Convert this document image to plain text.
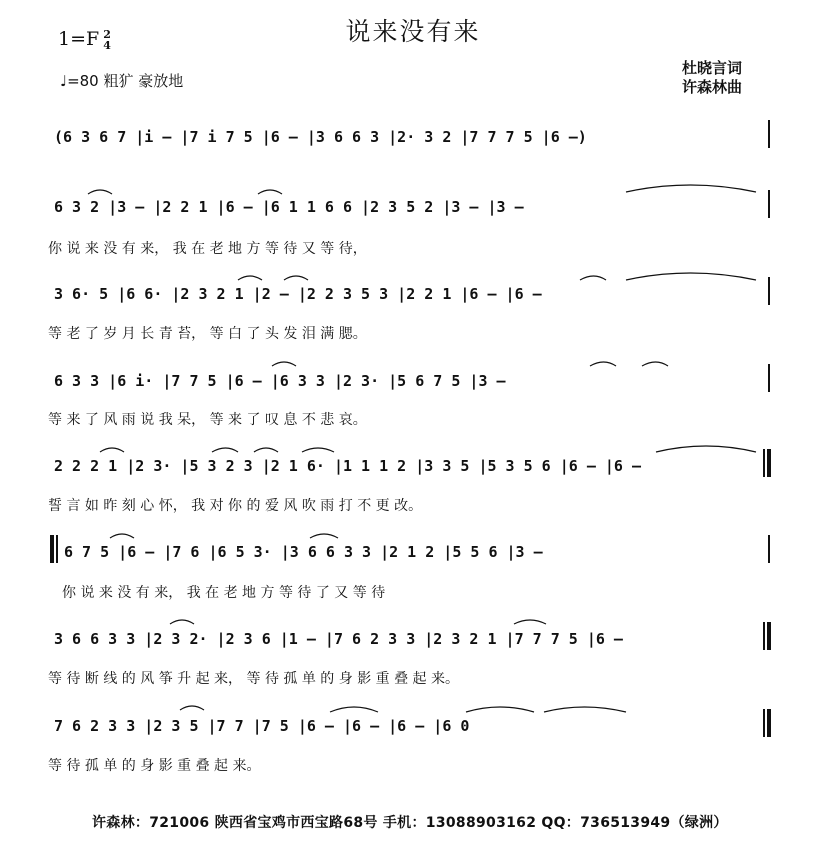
说来没有来
1=F 2
4
♩=80 粗犷 豪放地
杜晓言词
许森林曲
(6 3 6 7 |i – |7 i 7 5 |6 – |3 6 6 3 |2· 3 2 |7 7 7 5 |6 –)
6 3 2 |3 – |2 2 1 |6 – |6 1 1 6 6 |2 3 5 2 |3 – |3 –
你 说 来 没 有 来， 我 在 老 地 方 等 待 又 等 待，
3 6· 5 |6 6· |2 3 2 1 |2 – |2 2 3 5 3 |2 2 1 |6 – |6 –
等 老 了 岁 月 长 青 苔， 等 白 了 头 发 泪 满 腮。
6 3 3 |6 i· |7 7 5 |6 – |6 3 3 |2 3· |5 6 7 5 |3 –
等 来 了 风 雨 说 我 呆， 等 来 了 叹 息 不 悲 哀。
2 2 2 1 |2 3· |5 3 2 3 |2 1 6· |1 1 1 2 |3 3 5 |5 3 5 6 |6 – |6 –
誓 言 如 昨 刻 心 怀， 我 对 你 的 爱 风 吹 雨 打 不 更 改。
6 7 5 |6 – |7 6 |6 5 3· |3 6 6 3 3 |2 1 2 |5 5 6 |3 –
你 说 来 没 有 来， 我 在 老 地 方 等 待 了 又 等 待
3 6 6 3 3 |2 3 2· |2 3 6 |1 – |7 6 2 3 3 |2 3 2 1 |7 7 7 5 |6 –
等 待 断 线 的 风 筝 升 起 来， 等 待 孤 单 的 身 影 重 叠 起 来。
7 6 2 3 3 |2 3 5 |7 7 |7 5 |6 – |6 – |6 – |6 0
等 待 孤 单 的 身 影 重 叠 起 来。
许森林：721006 陕西省宝鸡市西宝路68号 手机：13088903162 QQ：736513949（绿洲）
